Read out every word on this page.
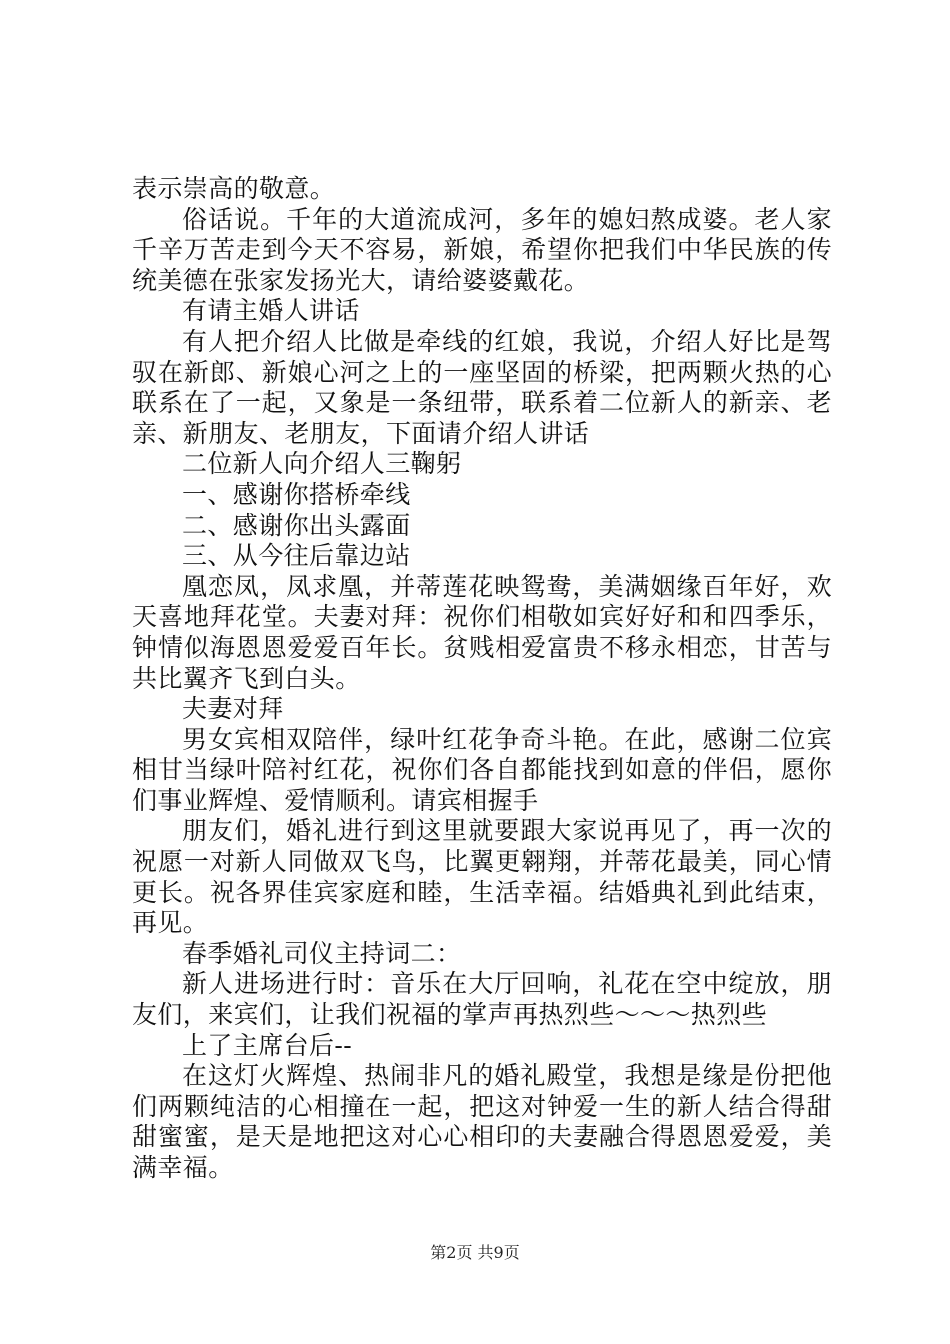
表示崇高的敬意。

俗话说。千年的大道流成河，多年的媳妇熬成婆。老人家千辛万苦走到今天不容易，新娘，希望你把我们中华民族的传统美德在张家发扬光大，请给婆婆戴花。

有请主婚人讲话

有人把介绍人比做是牵线的红娘，我说，介绍人好比是驾驭在新郎、新娘心河之上的一座坚固的桥梁，把两颗火热的心联系在了一起，又象是一条纽带，联系着二位新人的新亲、老亲、新朋友、老朋友，下面请介绍人讲话

二位新人向介绍人三鞠躬

一、感谢你搭桥牵线

二、感谢你出头露面

三、从今往后靠边站

凰恋凤，凤求凰，并蒂莲花映鸳鸯，美满姻缘百年好，欢天喜地拜花堂。夫妻对拜：祝你们相敬如宾好好和和四季乐，钟情似海恩恩爱爱百年长。贫贱相爱富贵不移永相恋，甘苦与共比翼齐飞到白头。

夫妻对拜

男女宾相双陪伴，绿叶红花争奇斗艳。在此，感谢二位宾相甘当绿叶陪衬红花，祝你们各自都能找到如意的伴侣，愿你们事业辉煌、爱情顺利。请宾相握手

朋友们，婚礼进行到这里就要跟大家说再见了，再一次的祝愿一对新人同做双飞鸟，比翼更翱翔，并蒂花最美，同心情更长。祝各界佳宾家庭和睦，生活幸福。结婚典礼到此结束，再见。

春季婚礼司仪主持词二：

新人进场进行时：音乐在大厅回响，礼花在空中绽放，朋友们，来宾们，让我们祝福的掌声再热烈些～～～热烈些

上了主席台后--

在这灯火辉煌、热闹非凡的婚礼殿堂，我想是缘是份把他们两颗纯洁的心相撞在一起，把这对钟爱一生的新人结合得甜甜蜜蜜，是天是地把这对心心相印的夫妻融合得恩恩爱爱，美满幸福。

第2页 共9页
